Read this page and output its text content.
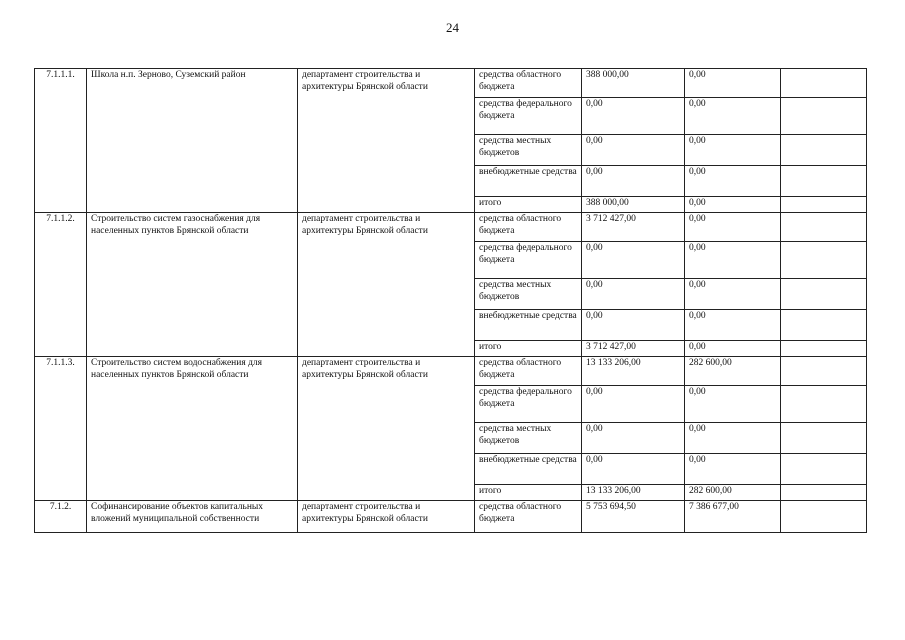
24
7.1.1.1.	Школа н.п. Зерново, Суземский район	департамент строительства и архитектуры Брянской области	средства областного бюджета	388 000,00	0,00	
			средства федерального бюджета	0,00	0,00	
			средства местных бюджетов	0,00	0,00	
			внебюджетные средства	0,00	0,00	
			итого	388 000,00	0,00	
7.1.1.2.	Строительство систем газоснабжения для населенных пунктов Брянской области	департамент строительства и архитектуры Брянской области	средства областного бюджета	3 712 427,00	0,00	
			средства федерального бюджета	0,00	0,00	
			средства местных бюджетов	0,00	0,00	
			внебюджетные средства	0,00	0,00	
			итого	3 712 427,00	0,00	
7.1.1.3.	Строительство систем водоснабжения для населенных пунктов Брянской области	департамент строительства и архитектуры Брянской области	средства областного бюджета	13 133 206,00	282 600,00	
			средства федерального бюджета	0,00	0,00	
			средства местных бюджетов	0,00	0,00	
			внебюджетные средства	0,00	0,00	
			итого	13 133 206,00	282 600,00	
7.1.2.	Софинансирование объектов капитальных вложений муниципальной собственности	департамент строительства и архитектуры Брянской области	средства областного бюджета	5 753 694,50	7 386 677,00	
